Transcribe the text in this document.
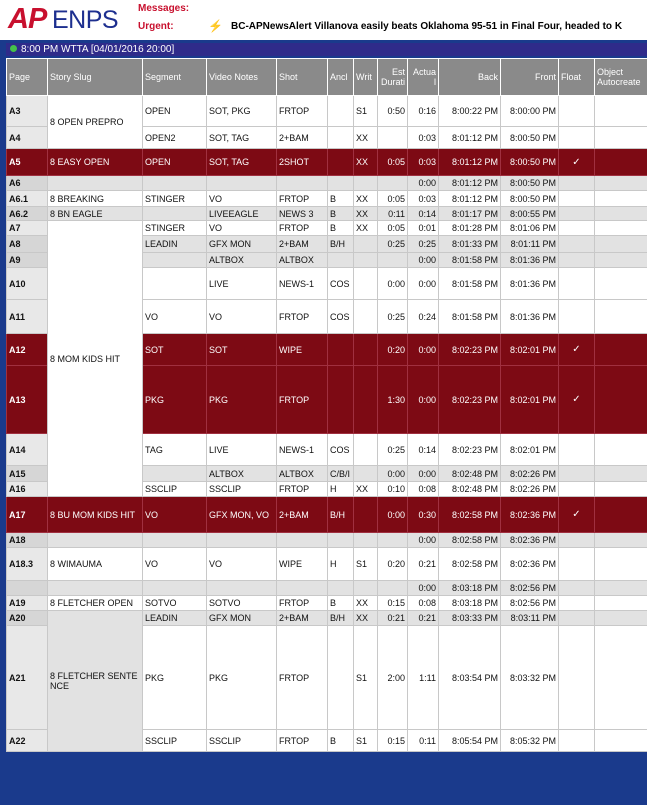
AP ENPS Messages:
Urgent:	⚡ BC-APNewsAlert Villanova easily beats Oklahoma 95-51 in Final Four, headed to K
8:00 PM WTTA [04/01/2016 20:00]
Page	Story Slug	Segment	Video Notes	Shot	Ancl	Writ	Est Durati	Actua l	Back	Front	Float	Object Autocreate
A3	8 OPEN PREPRO	OPEN	SOT, PKG	FRTOP		S1	0:50	0:16	8:00:22 PM	8:00:00 PM		
A4		OPEN2	SOT, TAG	2+BAM		XX		0:03	8:01:12 PM	8:00:50 PM		
A5	8 EASY OPEN	OPEN	SOT, TAG	2SHOT		XX	0:05	0:03	8:01:12 PM	8:00:50 PM	✓	
A6								0:00	8:01:12 PM	8:00:50 PM		
A6.1	8 BREAKING	STINGER	VO	FRTOP	B	XX	0:05	0:03	8:01:12 PM	8:00:50 PM		
A6.2	8 BN EAGLE		LIVEEAGLE	NEWS 3	B	XX	0:11	0:14	8:01:17 PM	8:00:55 PM		
A7	8 MOM KIDS HIT	STINGER	VO	FRTOP	B	XX	0:05	0:01	8:01:28 PM	8:01:06 PM		
A8		LEADIN	GFX MON	2+BAM	B/H		0:25	0:25	8:01:33 PM	8:01:11 PM		
A9			ALTBOX	ALTBOX				0:00	8:01:58 PM	8:01:36 PM		
A10			LIVE	NEWS-1	COS		0:00	0:00	8:01:58 PM	8:01:36 PM		
A11		VO	VO	FRTOP	COS		0:25	0:24	8:01:58 PM	8:01:36 PM		
A12		SOT	SOT	WIPE			0:20	0:00	8:02:23 PM	8:02:01 PM	✓	
A13		PKG	PKG	FRTOP			1:30	0:00	8:02:23 PM	8:02:01 PM	✓	
A14		TAG	LIVE	NEWS-1	COS		0:25	0:14	8:02:23 PM	8:02:01 PM		
A15			ALTBOX	ALTBOX	C/B/I		0:00	0:00	8:02:48 PM	8:02:26 PM		
A16		SSCLIP	SSCLIP	FRTOP	H	XX	0:10	0:08	8:02:48 PM	8:02:26 PM		
A17	8 BU MOM KIDS HIT	VO	GFX MON, VO	2+BAM	B/H		0:00	0:30	8:02:58 PM	8:02:36 PM	✓	
A18								0:00	8:02:58 PM	8:02:36 PM		
A18.3	8 WIMAUMA	VO	VO	WIPE	H	S1	0:20	0:21	8:02:58 PM	8:02:36 PM		
								0:00	8:03:18 PM	8:02:56 PM		
A19	8 FLETCHER OPEN	SOTVO	SOTVO	FRTOP	B	XX	0:15	0:08	8:03:18 PM	8:02:56 PM		
A20	8 FLETCHER SENTE NCE	LEADIN	GFX MON	2+BAM	B/H	XX	0:21	0:21	8:03:33 PM	8:03:11 PM		
A21		PKG	PKG	FRTOP		S1	2:00	1:11	8:03:54 PM	8:03:32 PM		
A22		SSCLIP	SSCLIP	FRTOP	B	S1	0:15	0:11	8:05:54 PM	8:05:32 PM		
